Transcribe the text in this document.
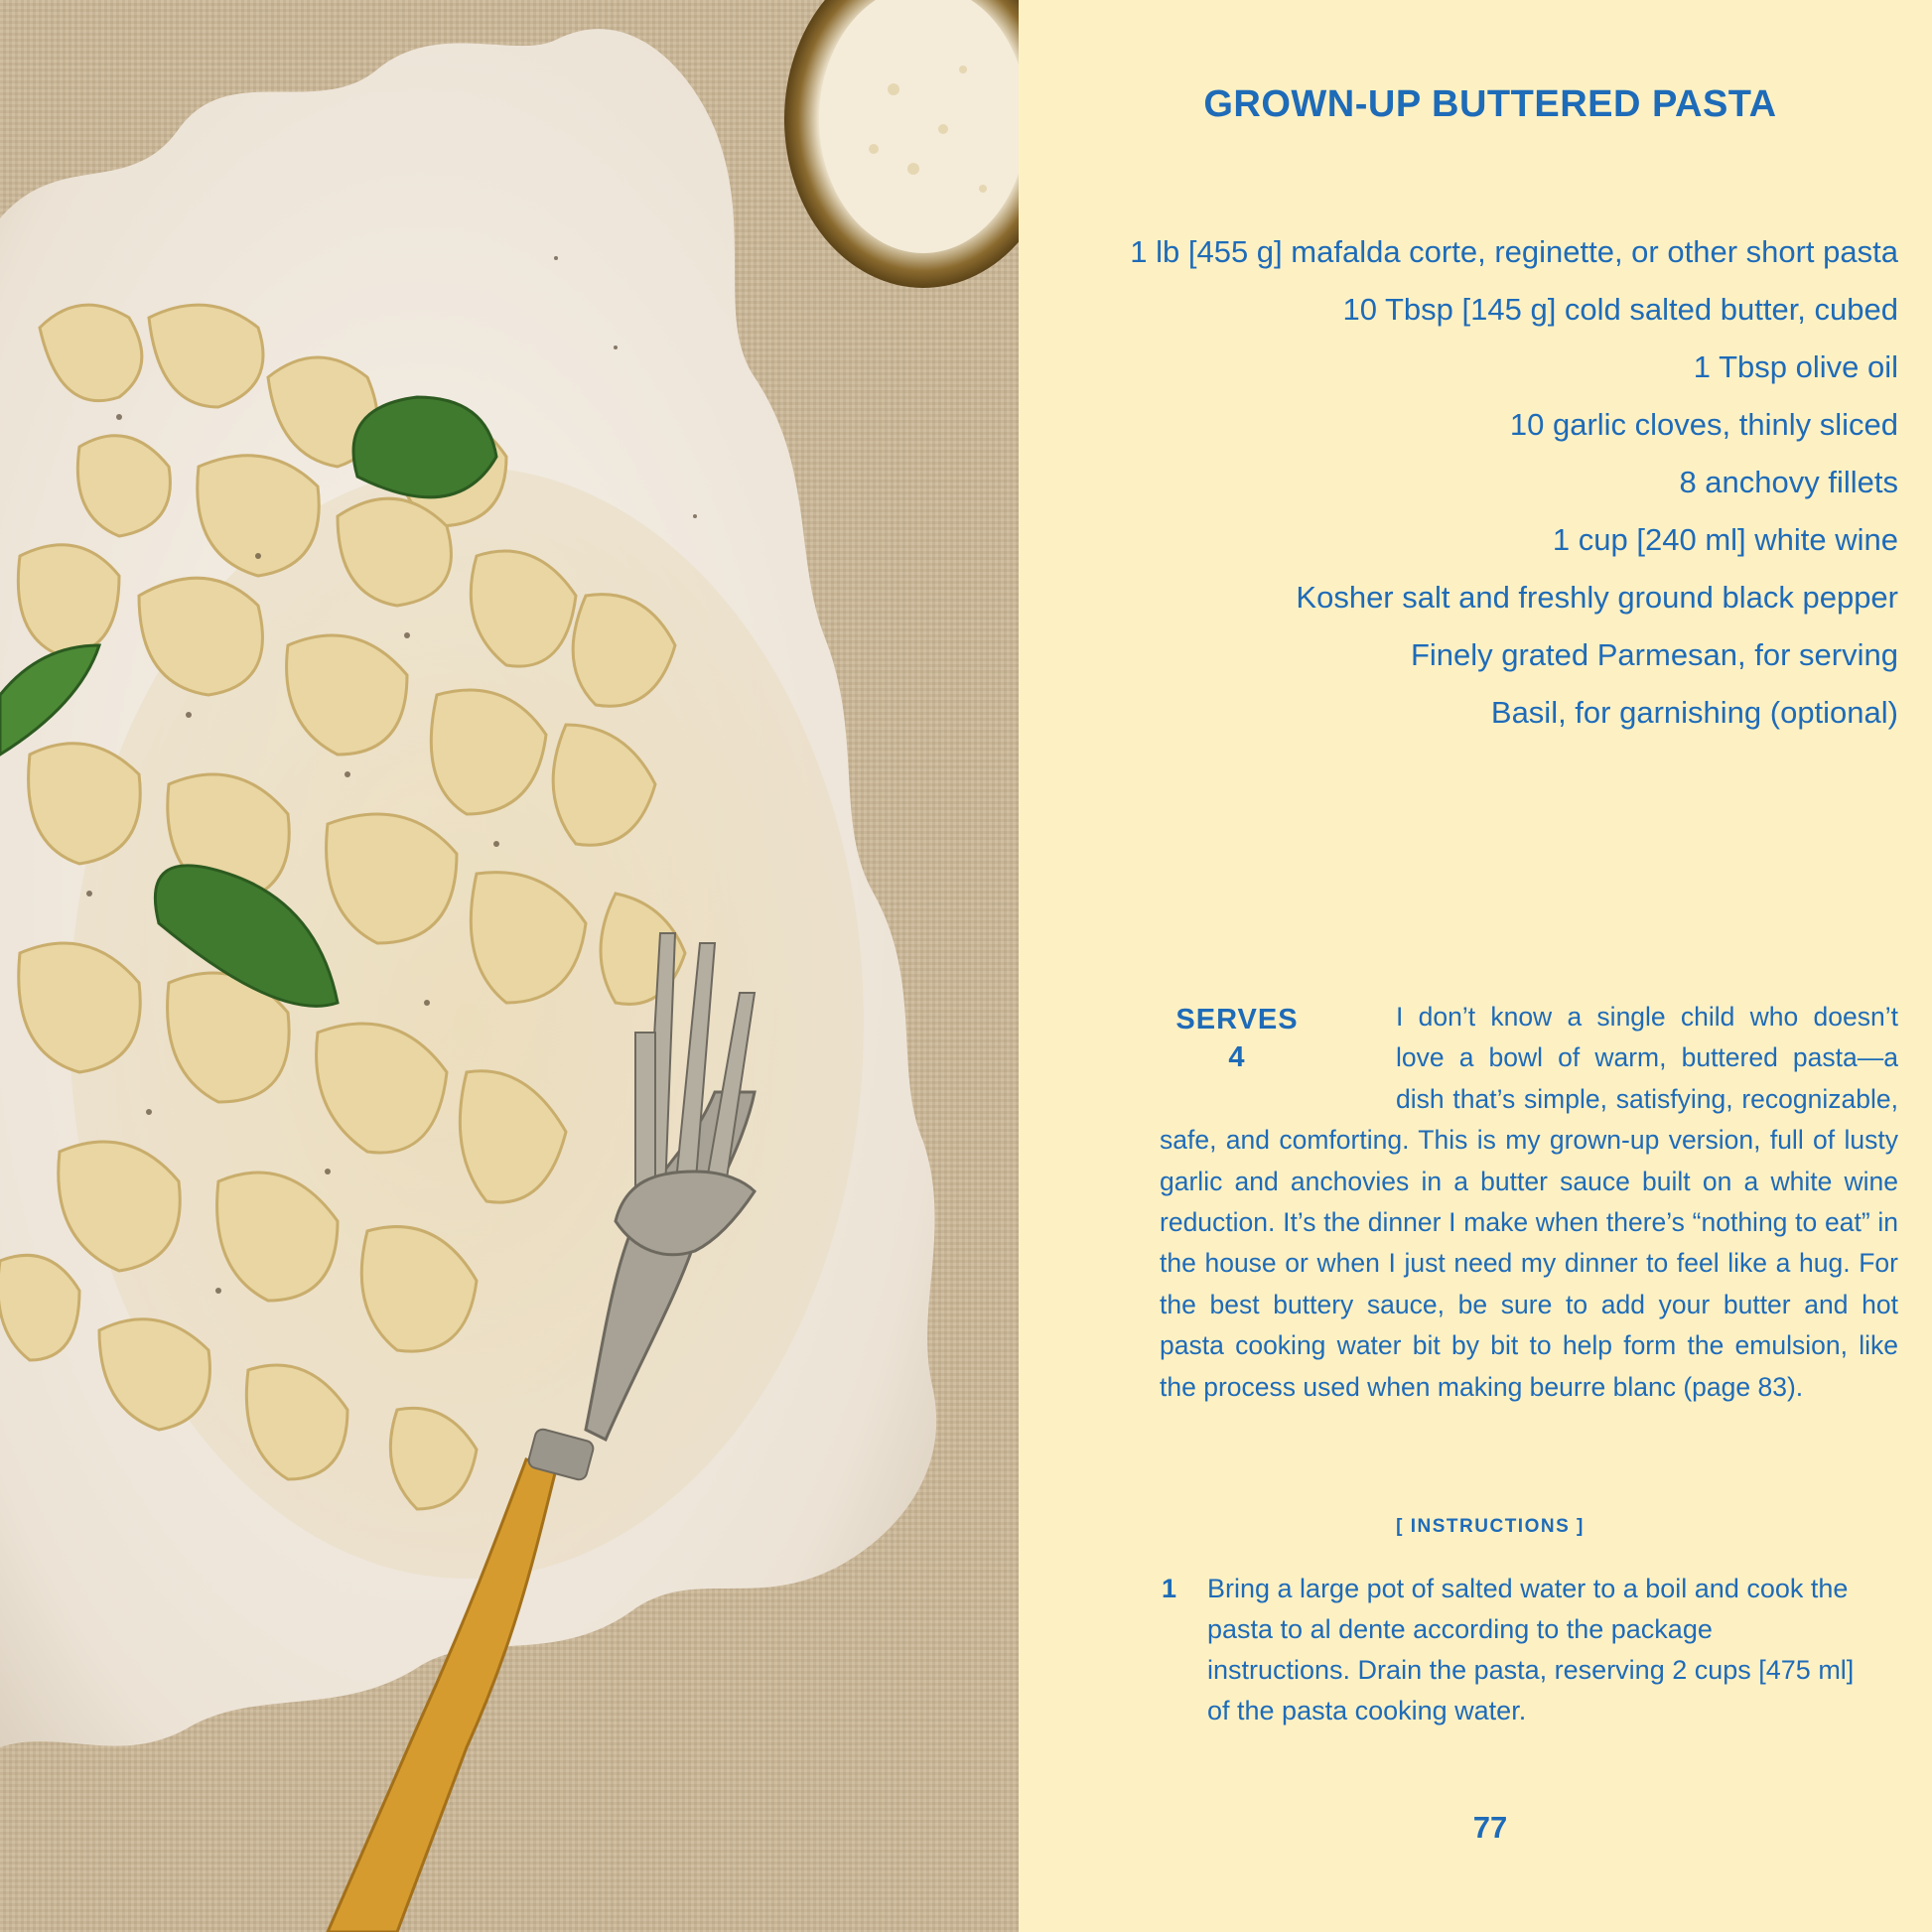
GROWN-UP BUTTERED PASTA
1 lb [455 g] mafalda corte, reginette, or other short pasta
10 Tbsp [145 g] cold salted butter, cubed
1 Tbsp olive oil
10 garlic cloves, thinly sliced
8 anchovy fillets
1 cup [240 ml] white wine
Kosher salt and freshly ground black pepper
Finely grated Parmesan, for serving
Basil, for garnishing (optional)
SERVES
4
I don’t know a single child who doesn’t love a bowl of warm, buttered pasta—a dish that’s simple, satisfying, recognizable, safe, and comforting. This is my grown-up version, full of lusty garlic and anchovies in a butter sauce built on a white wine reduction. It’s the dinner I make when there’s “nothing to eat” in the house or when I just need my dinner to feel like a hug. For the best buttery sauce, be sure to add your butter and hot pasta cooking water bit by bit to help form the emulsion, like the process used when making beurre blanc (page 83).
[ INSTRUCTIONS ]
1 Bring a large pot of salted water to a boil and cook the pasta to al dente according to the package instructions. Drain the pasta, reserving 2 cups [475 ml] of the pasta cooking water.

77
